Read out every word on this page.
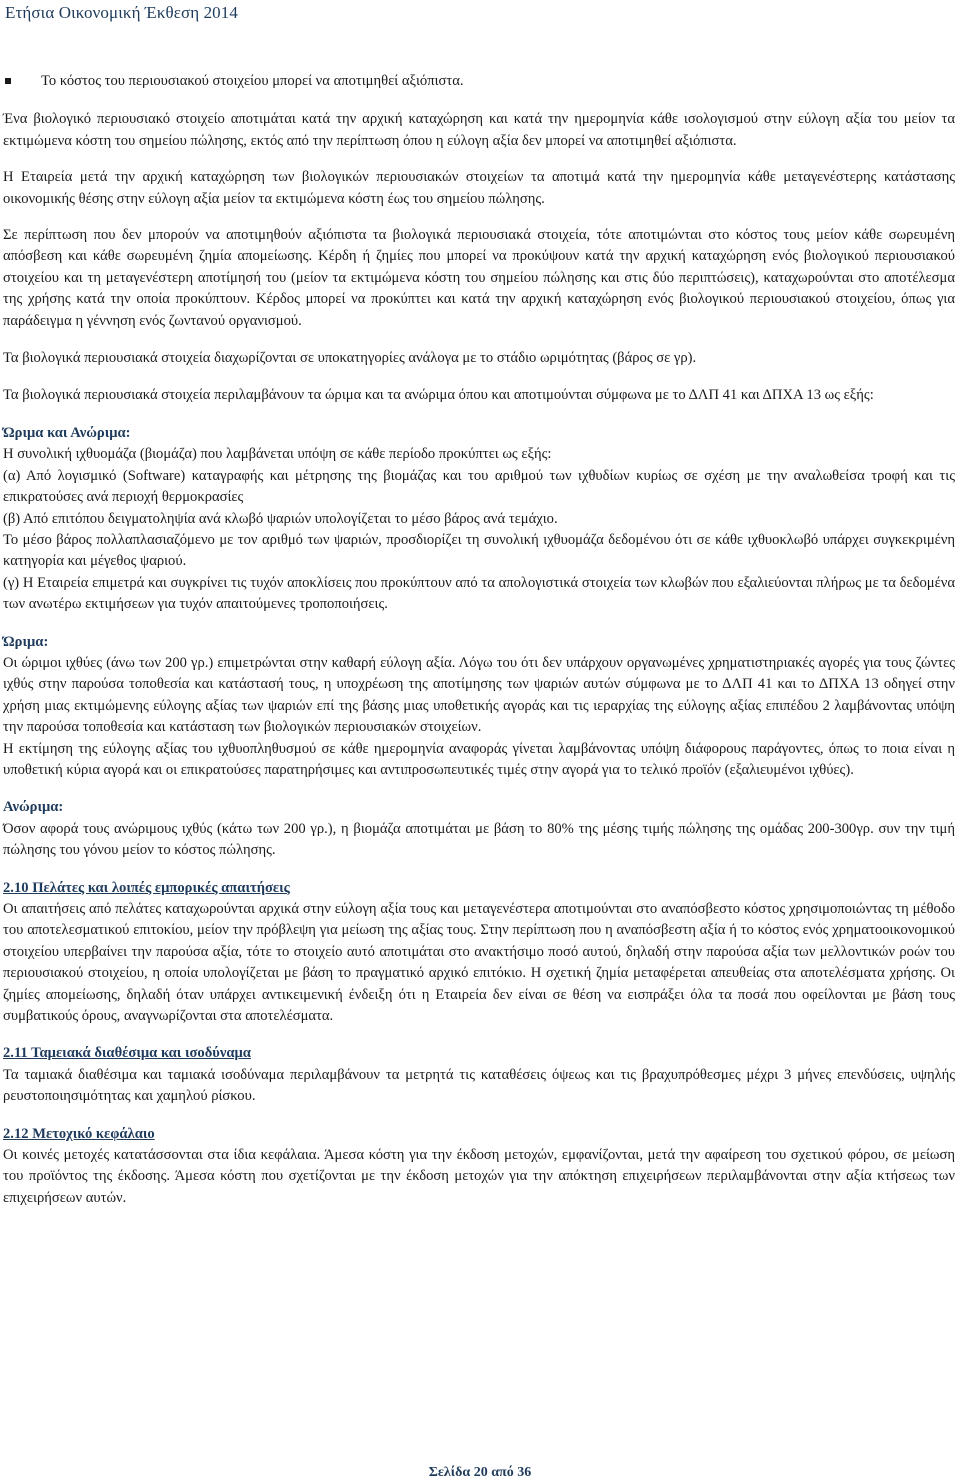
Ετήσια Οικονομική Έκθεση 2014
Το κόστος του περιουσιακού στοιχείου μπορεί να αποτιμηθεί αξιόπιστα.

Ένα βιολογικό περιουσιακό στοιχείο αποτιμάται κατά την αρχική καταχώρηση και κατά την ημερομηνία κάθε ισολογισμού στην εύλογη αξία του μείον τα εκτιμώμενα κόστη του σημείου πώλησης, εκτός από την περίπτωση όπου η εύλογη αξία δεν μπορεί να αποτιμηθεί αξιόπιστα.

Η Εταιρεία μετά την αρχική καταχώρηση των βιολογικών περιουσιακών στοιχείων τα αποτιμά κατά την ημερομηνία κάθε μεταγενέστερης κατάστασης οικονομικής θέσης στην εύλογη αξία μείον τα εκτιμώμενα κόστη έως του σημείου πώλησης.

Σε περίπτωση που δεν μπορούν να αποτιμηθούν αξιόπιστα τα βιολογικά περιουσιακά στοιχεία, τότε αποτιμώνται στο κόστος τους μείον κάθε σωρευμένη απόσβεση και κάθε σωρευμένη ζημία απομείωσης. Κέρδη ή ζημίες που μπορεί να προκύψουν κατά την αρχική καταχώρηση ενός βιολογικού περιουσιακού στοιχείου και τη μεταγενέστερη αποτίμησή του (μείον τα εκτιμώμενα κόστη του σημείου πώλησης και στις δύο περιπτώσεις), καταχωρούνται στο αποτέλεσμα της χρήσης κατά την οποία προκύπτουν. Κέρδος μπορεί να προκύπτει και κατά την αρχική καταχώρηση ενός βιολογικού περιουσιακού στοιχείου, όπως για παράδειγμα η γέννηση ενός ζωντανού οργανισμού.

Τα βιολογικά περιουσιακά στοιχεία διαχωρίζονται σε υποκατηγορίες ανάλογα με το στάδιο ωριμότητας (βάρος σε γρ).

Τα βιολογικά περιουσιακά στοιχεία περιλαμβάνουν τα ώριμα και τα ανώριμα όπου και αποτιμούνται σύμφωνα με το ΔΛΠ 41 και ΔΠΧΑ 13 ως εξής:

Ώριμα και Ανώριμα:

Η συνολική ιχθυομάζα (βιομάζα) που λαμβάνεται υπόψη σε κάθε περίοδο προκύπτει ως εξής:

(α) Από λογισμικό (Software) καταγραφής και μέτρησης της βιομάζας και του αριθμού των ιχθυδίων κυρίως σε σχέση με την αναλωθείσα τροφή και τις επικρατούσες ανά περιοχή θερμοκρασίες

(β) Από επιτόπου δειγματοληψία ανά κλωβό ψαριών υπολογίζεται το μέσο βάρος ανά τεμάχιο.

Το μέσο βάρος πολλαπλασιαζόμενο με τον αριθμό των ψαριών, προσδιορίζει τη συνολική ιχθυομάζα δεδομένου ότι σε κάθε ιχθυοκλωβό υπάρχει συγκεκριμένη κατηγορία και μέγεθος ψαριού.

(γ) Η Εταιρεία επιμετρά και συγκρίνει τις τυχόν αποκλίσεις που προκύπτουν από τα απολογιστικά στοιχεία των κλωβών που εξαλιεύονται πλήρως με τα δεδομένα των ανωτέρω εκτιμήσεων για τυχόν απαιτούμενες τροποποιήσεις.

Ώριμα:

Οι ώριμοι ιχθύες (άνω των 200 γρ.) επιμετρώνται στην καθαρή εύλογη αξία. Λόγω του ότι δεν υπάρχουν οργανωμένες χρηματιστηριακές αγορές για τους ζώντες ιχθύς στην παρούσα τοποθεσία και κατάστασή τους, η υποχρέωση της αποτίμησης των ψαριών αυτών σύμφωνα με το ΔΛΠ 41 και το ΔΠΧΑ 13 οδηγεί στην χρήση μιας εκτιμώμενης εύλογης αξίας των ψαριών επί της βάσης μιας υποθετικής αγοράς και τις ιεραρχίας της εύλογης αξίας επιπέδου 2 λαμβάνοντας υπόψη την παρούσα τοποθεσία και κατάσταση των βιολογικών περιουσιακών στοιχείων.

Η εκτίμηση της εύλογης αξίας του ιχθυοπληθυσμού σε κάθε ημερομηνία αναφοράς γίνεται λαμβάνοντας υπόψη διάφορους παράγοντες, όπως το ποια είναι η υποθετική κύρια αγορά και οι επικρατούσες παρατηρήσιμες και αντιπροσωπευτικές τιμές στην αγορά για το τελικό προϊόν (εξαλιευμένοι ιχθύες).

Ανώριμα:

Όσον αφορά τους ανώριμους ιχθύς (κάτω των 200 γρ.), η βιομάζα αποτιμάται με βάση το 80% της μέσης τιμής πώλησης της ομάδας 200-300γρ. συν την τιμή πώλησης του γόνου μείον το κόστος πώλησης.

2.10 Πελάτες και λοιπές εμπορικές απαιτήσεις

Οι απαιτήσεις από πελάτες καταχωρούνται αρχικά στην εύλογη αξία τους και μεταγενέστερα αποτιμούνται στο αναπόσβεστο κόστος χρησιμοποιώντας τη μέθοδο του αποτελεσματικού επιτοκίου, μείον την πρόβλεψη για μείωση της αξίας τους. Στην περίπτωση που η αναπόσβεστη αξία ή το κόστος ενός χρηματοοικονομικού στοιχείου υπερβαίνει την παρούσα αξία, τότε το στοιχείο αυτό αποτιμάται στο ανακτήσιμο ποσό αυτού, δηλαδή στην παρούσα αξία των μελλοντικών ροών του περιουσιακού στοιχείου, η οποία υπολογίζεται με βάση το πραγματικό αρχικό επιτόκιο. Η σχετική ζημία μεταφέρεται απευθείας στα αποτελέσματα χρήσης. Οι ζημίες απομείωσης, δηλαδή όταν υπάρχει αντικειμενική ένδειξη ότι η Εταιρεία δεν είναι σε θέση να εισπράξει όλα τα ποσά που οφείλονται με βάση τους συμβατικούς όρους, αναγνωρίζονται στα αποτελέσματα.

2.11 Ταμειακά διαθέσιμα και ισοδύναμα

Τα ταμιακά διαθέσιμα και ταμιακά ισοδύναμα περιλαμβάνουν τα μετρητά τις καταθέσεις όψεως και τις βραχυπρόθεσμες μέχρι 3 μήνες επενδύσεις, υψηλής ρευστοποιησιμότητας και χαμηλού ρίσκου.

2.12 Μετοχικό κεφάλαιο

Οι κοινές μετοχές κατατάσσονται στα ίδια κεφάλαια. Άμεσα κόστη για την έκδοση μετοχών, εμφανίζονται, μετά την αφαίρεση του σχετικού φόρου, σε μείωση του προϊόντος της έκδοσης. Άμεσα κόστη που σχετίζονται με την έκδοση μετοχών για την απόκτηση επιχειρήσεων περιλαμβάνονται στην αξία κτήσεως των επιχειρήσεων αυτών.

Σελίδα 20 από 36
